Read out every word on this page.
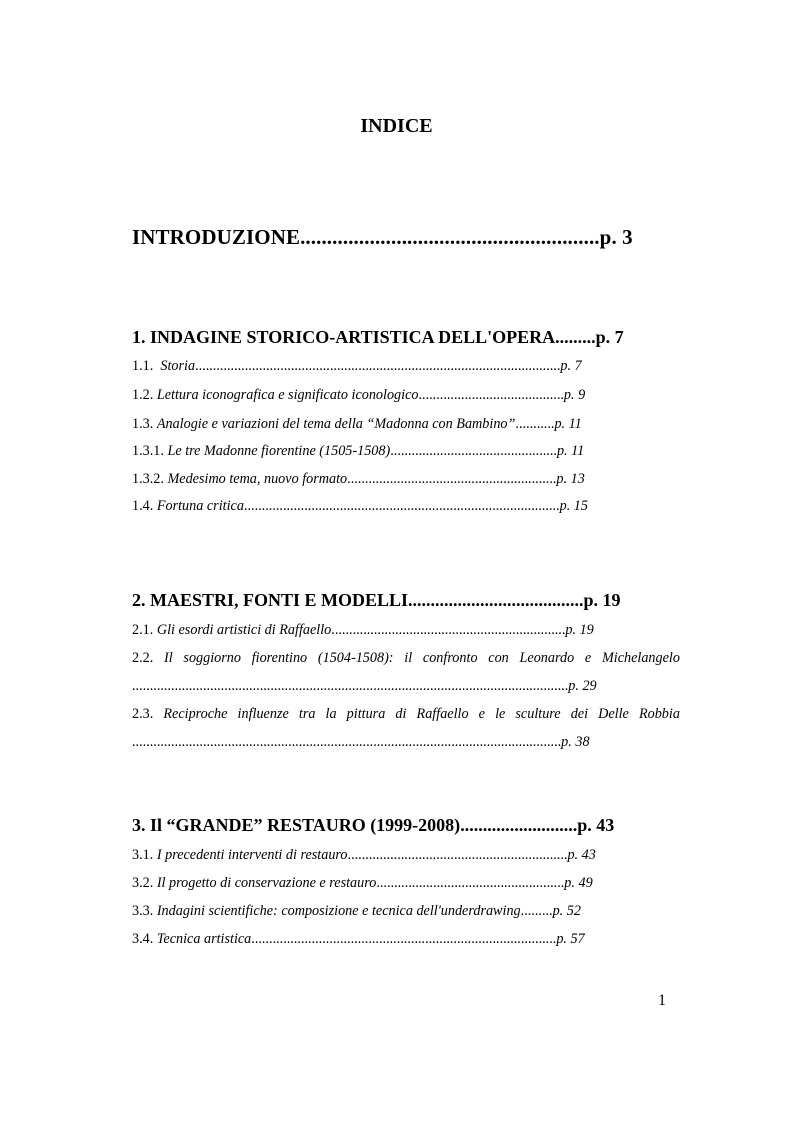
INDICE
INTRODUZIONE........................................................p. 3
1. INDAGINE STORICO-ARTISTICA DELL'OPERA.........p. 7
1.1. Storia.......................................................................................................p. 7
1.2. Lettura iconografica e significato iconologico.........................................p. 9
1.3. Analogie e variazioni del tema della “Madonna con Bambino”...........p. 11
1.3.1. Le tre Madonne fiorentine (1505-1508)...............................................p. 11
1.3.2. Medesimo tema, nuovo formato...........................................................p. 13
1.4. Fortuna critica.........................................................................................p. 15
2. MAESTRI, FONTI E MODELLI.......................................p. 19
2.1. Gli esordi artistici di Raffaello..................................................................p. 19
2.2. Il soggiorno fiorentino (1504-1508): il confronto con Leonardo e Michelangelo
...........................................................................................................................p. 29
2.3. Reciproche influenze tra la pittura di Raffaello e le sculture dei Delle Robbia
.........................................................................................................................p. 38
3. Il “GRANDE” RESTAURO (1999-2008)..........................p. 43
3.1. I precedenti interventi di restauro..............................................................p. 43
3.2. Il progetto di conservazione e restauro.....................................................p. 49
3.3. Indagini scientifiche: composizione e tecnica dell'underdrawing.........p. 52
3.4. Tecnica artistica......................................................................................p. 57
1
